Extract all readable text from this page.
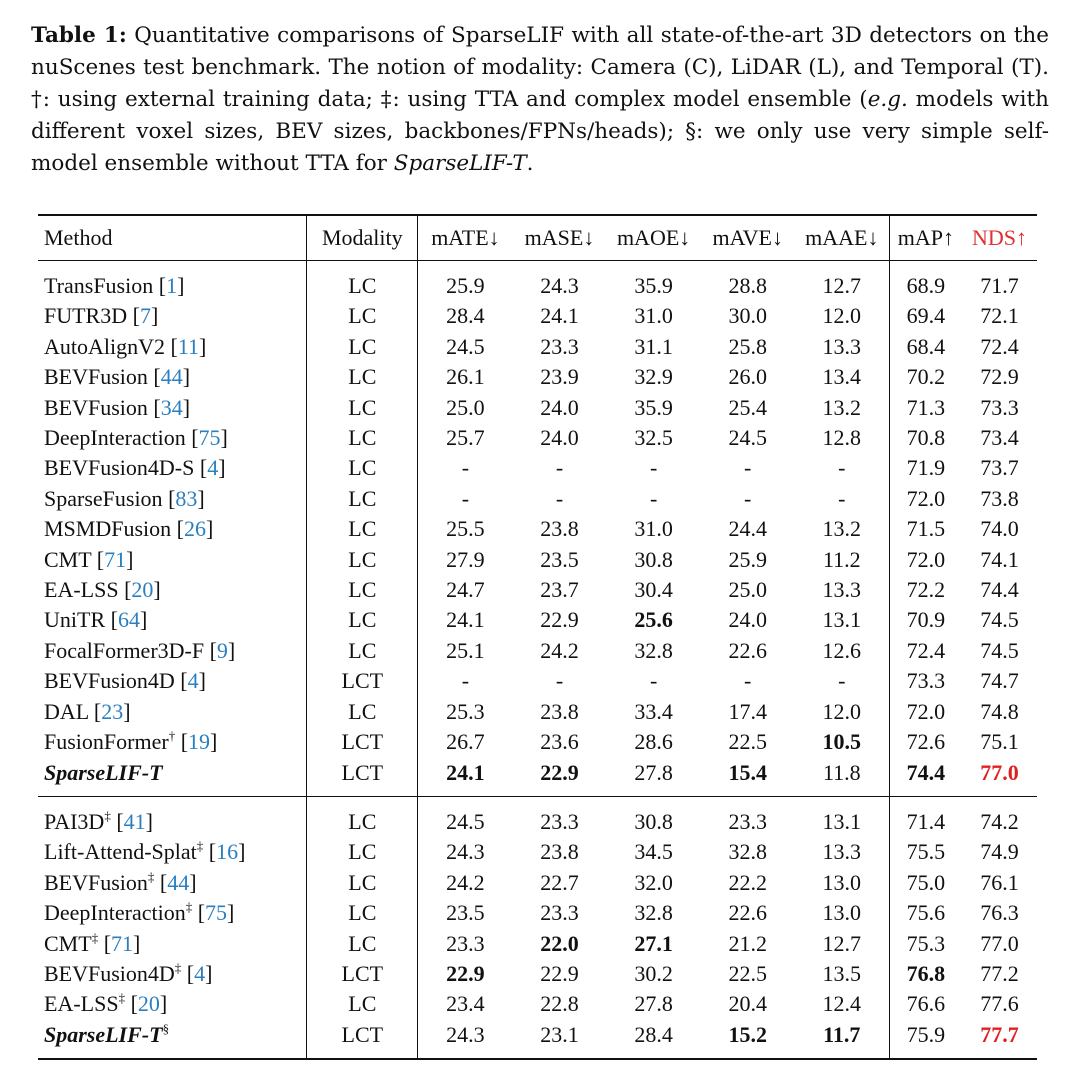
Table 1: Quantitative comparisons of SparseLIF with all state-of-the-art 3D detectors on the nuScenes test benchmark. The notion of modality: Camera (C), LiDAR (L), and Temporal (T). †: using external training data; ‡: using TTA and complex model ensemble (e.g. models with different voxel sizes, BEV sizes, backbones/FPNs/heads); §: we only use very simple self-model ensemble without TTA for SparseLIF-T.
Method	Modality	mATE↓	mASE↓	mAOE↓	mAVE↓	mAAE↓	mAP↑	NDS↑
TransFusion [1]	LC	25.9	24.3	35.9	28.8	12.7	68.9	71.7
FUTR3D [7]	LC	28.4	24.1	31.0	30.0	12.0	69.4	72.1
AutoAlignV2 [11]	LC	24.5	23.3	31.1	25.8	13.3	68.4	72.4
BEVFusion [44]	LC	26.1	23.9	32.9	26.0	13.4	70.2	72.9
BEVFusion [34]	LC	25.0	24.0	35.9	25.4	13.2	71.3	73.3
DeepInteraction [75]	LC	25.7	24.0	32.5	24.5	12.8	70.8	73.4
BEVFusion4D-S [4]	LC	-	-	-	-	-	71.9	73.7
SparseFusion [83]	LC	-	-	-	-	-	72.0	73.8
MSMDFusion [26]	LC	25.5	23.8	31.0	24.4	13.2	71.5	74.0
CMT [71]	LC	27.9	23.5	30.8	25.9	11.2	72.0	74.1
EA-LSS [20]	LC	24.7	23.7	30.4	25.0	13.3	72.2	74.4
UniTR [64]	LC	24.1	22.9	25.6	24.0	13.1	70.9	74.5
FocalFormer3D-F [9]	LC	25.1	24.2	32.8	22.6	12.6	72.4	74.5
BEVFusion4D [4]	LCT	-	-	-	-	-	73.3	74.7
DAL [23]	LC	25.3	23.8	33.4	17.4	12.0	72.0	74.8
FusionFormer† [19]	LCT	26.7	23.6	28.6	22.5	10.5	72.6	75.1
SparseLIF-T	LCT	24.1	22.9	27.8	15.4	11.8	74.4	77.0
PAI3D‡ [41]	LC	24.5	23.3	30.8	23.3	13.1	71.4	74.2
Lift-Attend-Splat‡ [16]	LC	24.3	23.8	34.5	32.8	13.3	75.5	74.9
BEVFusion‡ [44]	LC	24.2	22.7	32.0	22.2	13.0	75.0	76.1
DeepInteraction‡ [75]	LC	23.5	23.3	32.8	22.6	13.0	75.6	76.3
CMT‡ [71]	LC	23.3	22.0	27.1	21.2	12.7	75.3	77.0
BEVFusion4D‡ [4]	LCT	22.9	22.9	30.2	22.5	13.5	76.8	77.2
EA-LSS‡ [20]	LC	23.4	22.8	27.8	20.4	12.4	76.6	77.6
SparseLIF-T§	LCT	24.3	23.1	28.4	15.2	11.7	75.9	77.7
